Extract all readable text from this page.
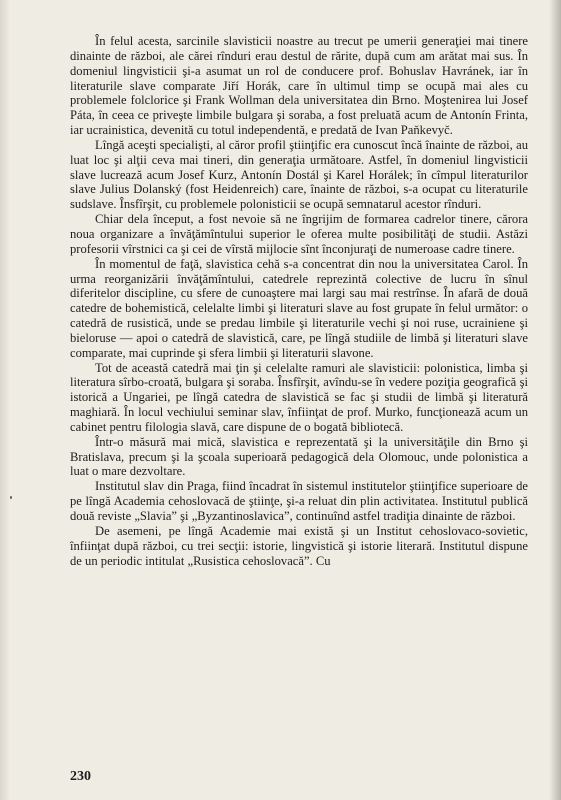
În felul acesta, sarcinile slavisticii noastre au trecut pe umerii generaţiei mai tinere dinainte de război, ale cărei rînduri erau destul de rărite, după cum am arătat mai sus. În domeniul lingvisticii şi-a asumat un rol de conducere prof. Bohuslav Havránek, iar în literaturile slave comparate Jiří Horák, care în ultimul timp se ocupă mai ales cu problemele folclorice şi Frank Wollman dela universitatea din Brno. Moştenirea lui Josef Páta, în ceea ce priveşte limbile bulgara şi soraba, a fost preluată acum de Antonín Frinta, iar ucrainistica, devenită cu totul independentă, e predată de Ivan Paňkevyč.

Lîngă aceşti specialişti, al căror profil ştiinţific era cunoscut încă înainte de război, au luat loc şi alţii ceva mai tineri, din generaţia următoare. Astfel, în domeniul lingvisticii slave lucrează acum Josef Kurz, Antonín Dostál şi Karel Horálek; în cîmpul literaturilor slave Julius Dolanský (fost Heidenreich) care, înainte de război, s-a ocupat cu literaturile sudslave. Însfîrşit, cu problemele polonisticii se ocupă semnatarul acestor rînduri.

Chiar dela început, a fost nevoie să ne îngrijim de formarea cadrelor tinere, cărora noua organizare a învăţămîntului superior le oferea multe posibilităţi de studii. Astăzi profesorii vîrstnici ca şi cei de vîrstă mijlocie sînt înconjuraţi de numeroase cadre tinere.

În momentul de faţă, slavistica cehă s-a concentrat din nou la universitatea Carol. În urma reorganizării învăţămîntului, catedrele reprezintă colective de lucru în sînul diferitelor discipline, cu sfere de cunoaştere mai largi sau mai restrînse. În afară de două catedre de bohemistică, celelalte limbi şi literaturi slave au fost grupate în felul următor: o catedră de rusistică, unde se predau limbile şi literaturile vechi şi noi ruse, ucrainiene şi bieloruse — apoi o catedră de slavistică, care, pe lîngă studiile de limbă şi literaturi slave comparate, mai cuprinde şi sfera limbii şi literaturii slavone.

Tot de această catedră mai ţin şi celelalte ramuri ale slavisticii: polonistica, limba şi literatura sîrbo-croată, bulgara şi soraba. Însfîrşit, avîndu-se în vedere poziţia geografică şi istorică a Ungariei, pe lîngă catedra de slavistică se fac şi studii de limbă şi literatură maghiară. În locul vechiului seminar slav, înfiinţat de prof. Murko, funcţionează acum un cabinet pentru filologia slavă, care dispune de o bogată bibliotecă.

Într-o măsură mai mică, slavistica e reprezentată şi la universităţile din Brno şi Bratislava, precum şi la şcoala superioară pedagogică dela Olomouc, unde polonistica a luat o mare dezvoltare.

Institutul slav din Praga, fiind încadrat în sistemul institutelor ştiinţifice superioare de pe lîngă Academia cehoslovacă de ştiinţe, şi-a reluat din plin activitatea. Institutul publică două reviste „Slavia” şi „Byzantinoslavica”, continuînd astfel tradiţia dinainte de război.

De asemeni, pe lîngă Academie mai există şi un Institut cehoslovaco-sovietic, înfiinţat după război, cu trei secţii: istorie, lingvistică şi istorie literară. Institutul dispune de un periodic intitulat „Rusistica cehoslovacă”. Cu

230
